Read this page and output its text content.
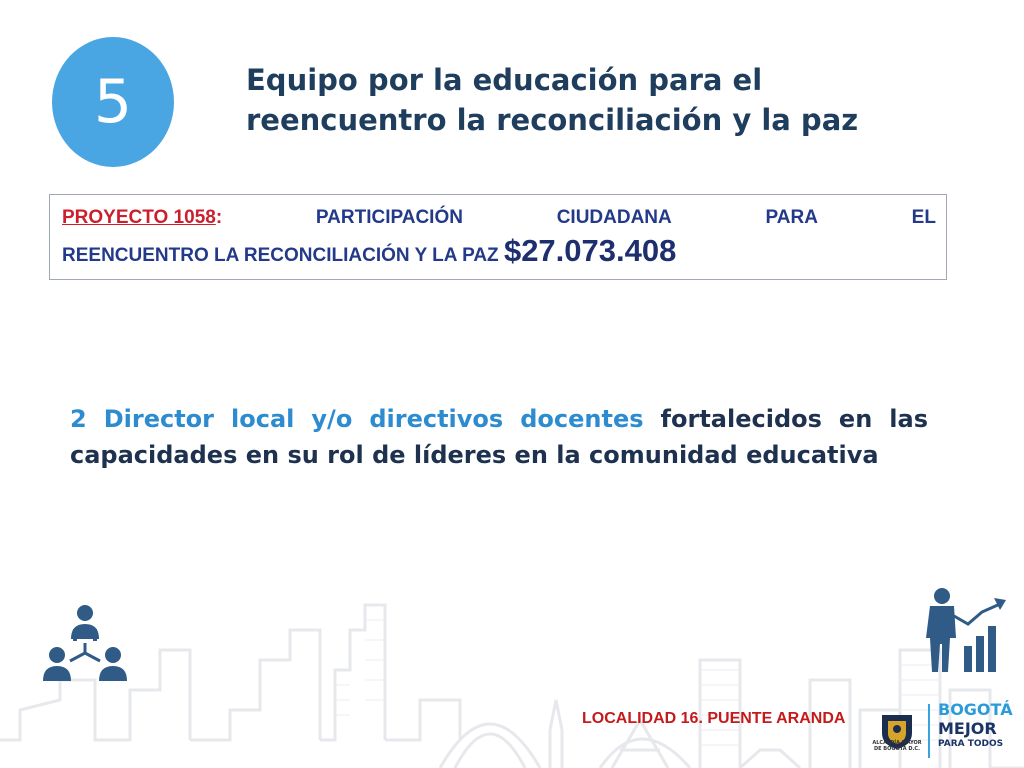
5	Equipo por la educación para el
reencuentro la reconciliación y la paz
PROYECTO 1058:	PARTICIPACIÓN	CIUDADANA	PARA	EL
REENCUENTRO LA RECONCILIACIÓN Y LA PAZ $27.073.408
2 Director local y/o directivos docentes fortalecidos en las capacidades en su rol de líderes en la comunidad educativa
LOCALIDAD 16. PUENTE ARANDA
ALCALDÍA MAYOR
DE BOGOTÁ D.C.
BOGOTÁ
MEJOR
PARA TODOS
